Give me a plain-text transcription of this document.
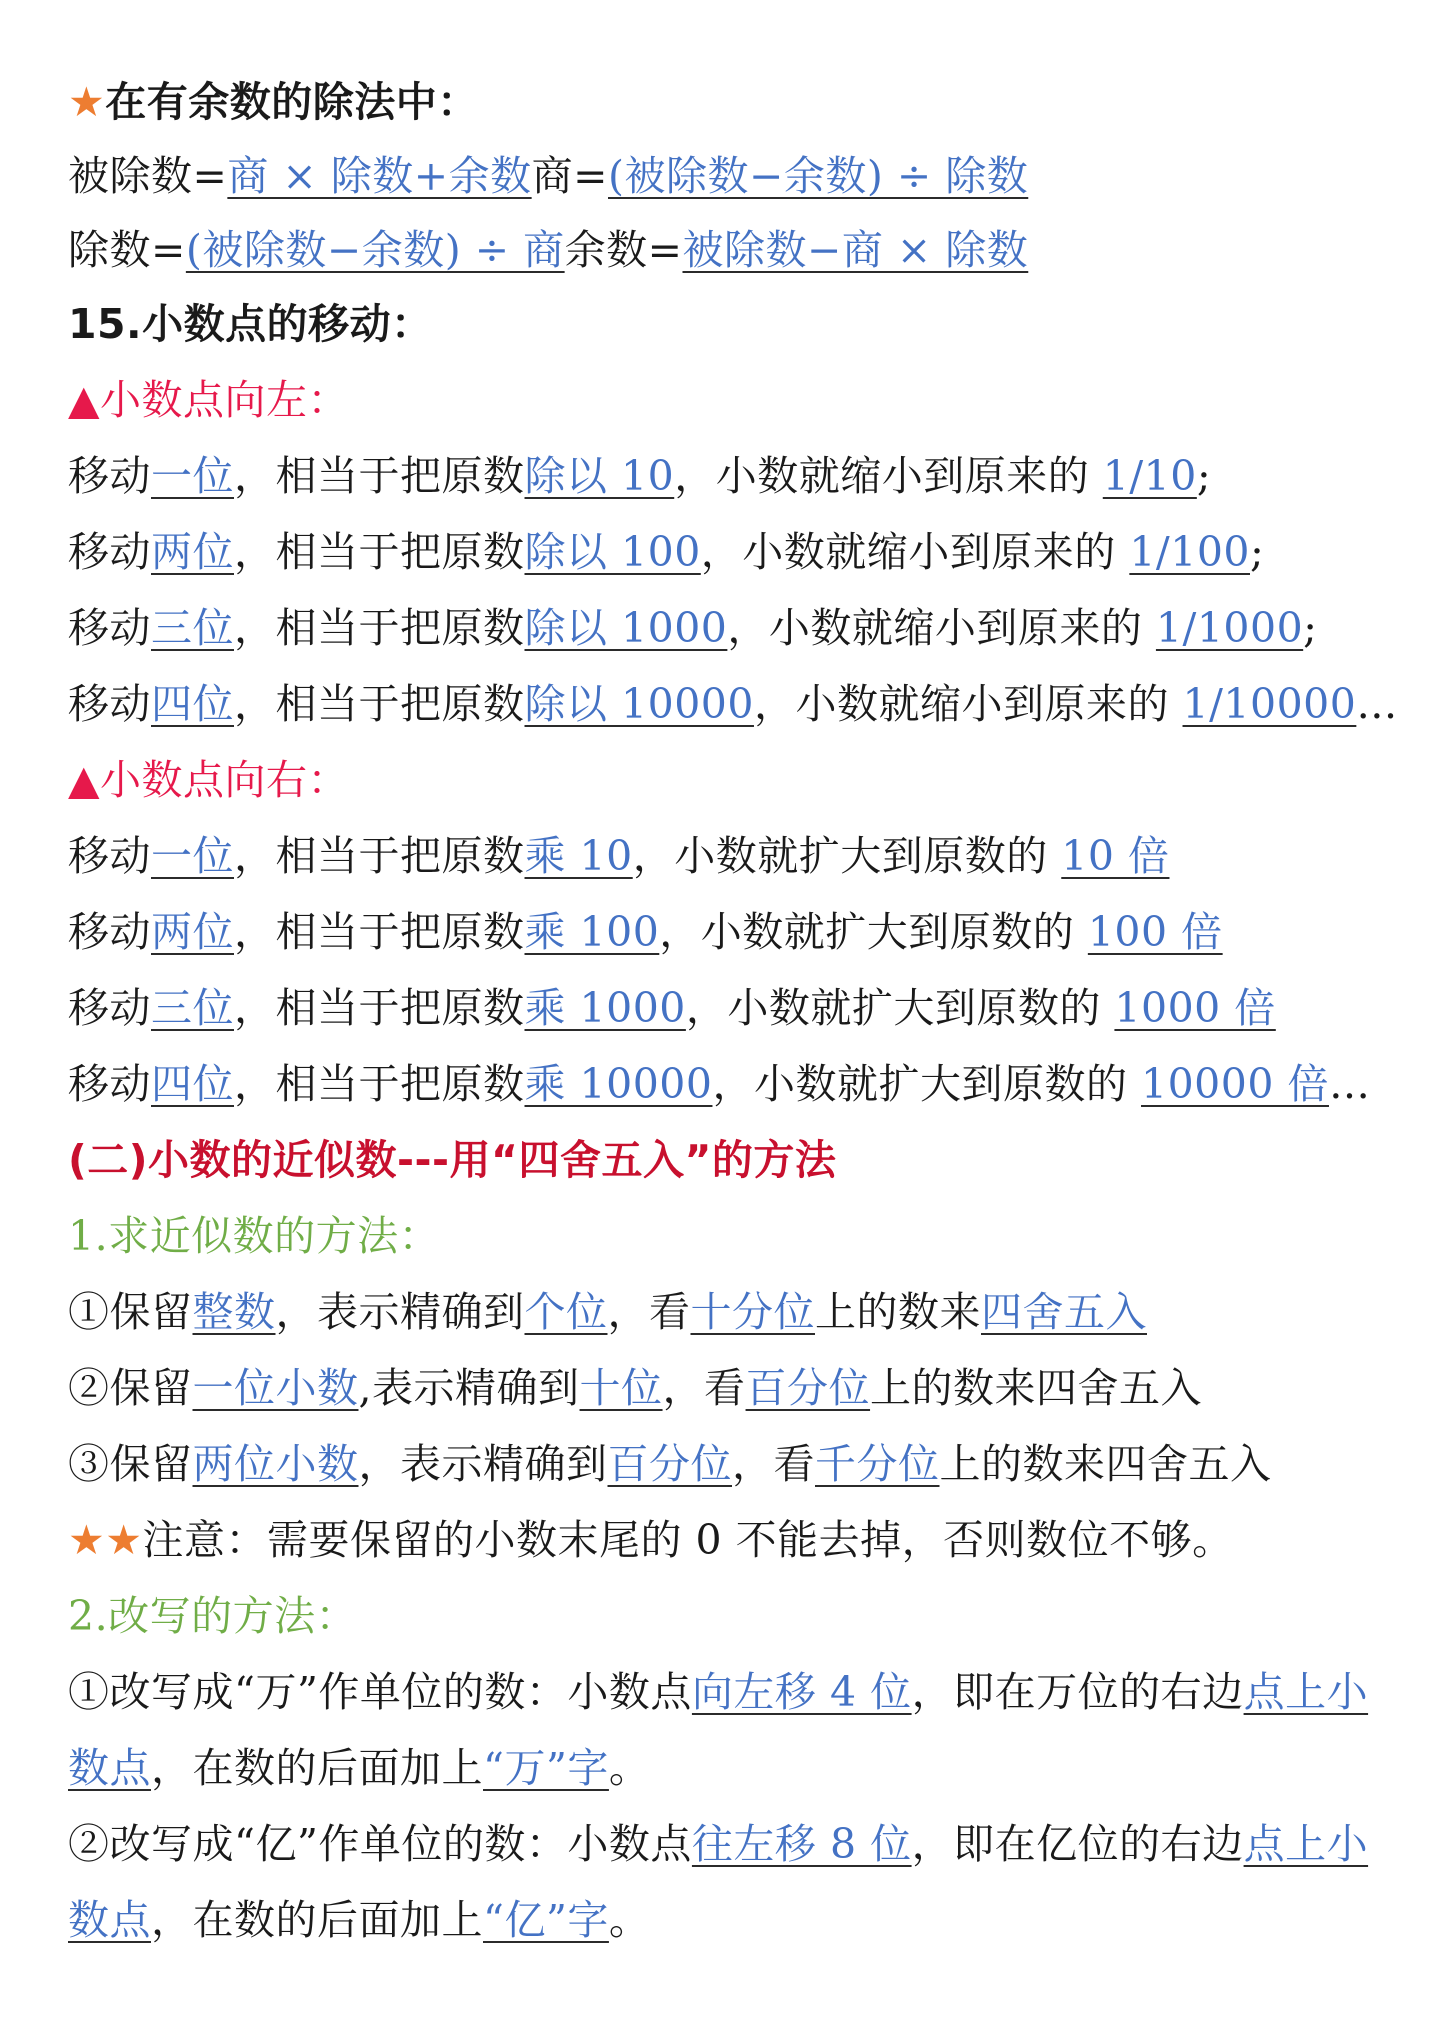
★在有余数的除法中：
被除数=商 × 除数+余数商=(被除数−余数) ÷ 除数
除数=(被除数−余数) ÷ 商余数=被除数−商 × 除数
15.小数点的移动：
▲小数点向左：
移动一位，相当于把原数除以 10，小数就缩小到原来的 1/10;
移动两位，相当于把原数除以 100，小数就缩小到原来的 1/100;
移动三位，相当于把原数除以 1000，小数就缩小到原来的 1/1000;
移动四位，相当于把原数除以 10000，小数就缩小到原来的 1/10000…
▲小数点向右：
移动一位，相当于把原数乘 10，小数就扩大到原数的 10 倍
移动两位，相当于把原数乘 100，小数就扩大到原数的 100 倍
移动三位，相当于把原数乘 1000，小数就扩大到原数的 1000 倍
移动四位，相当于把原数乘 10000，小数就扩大到原数的 10000 倍…
(二)小数的近似数---用“四舍五入”的方法
1.求近似数的方法：
①保留整数，表示精确到个位，看十分位上的数来四舍五入
②保留一位小数,表示精确到十位，看百分位上的数来四舍五入
③保留两位小数，表示精确到百分位，看千分位上的数来四舍五入
★★注意：需要保留的小数末尾的 0 不能去掉，否则数位不够。
2.改写的方法：
①改写成“万”作单位的数：小数点向左移 4 位，即在万位的右边点上小数点，在数的后面加上“万”字。
②改写成“亿”作单位的数：小数点往左移 8 位，即在亿位的右边点上小数点，在数的后面加上“亿”字。
